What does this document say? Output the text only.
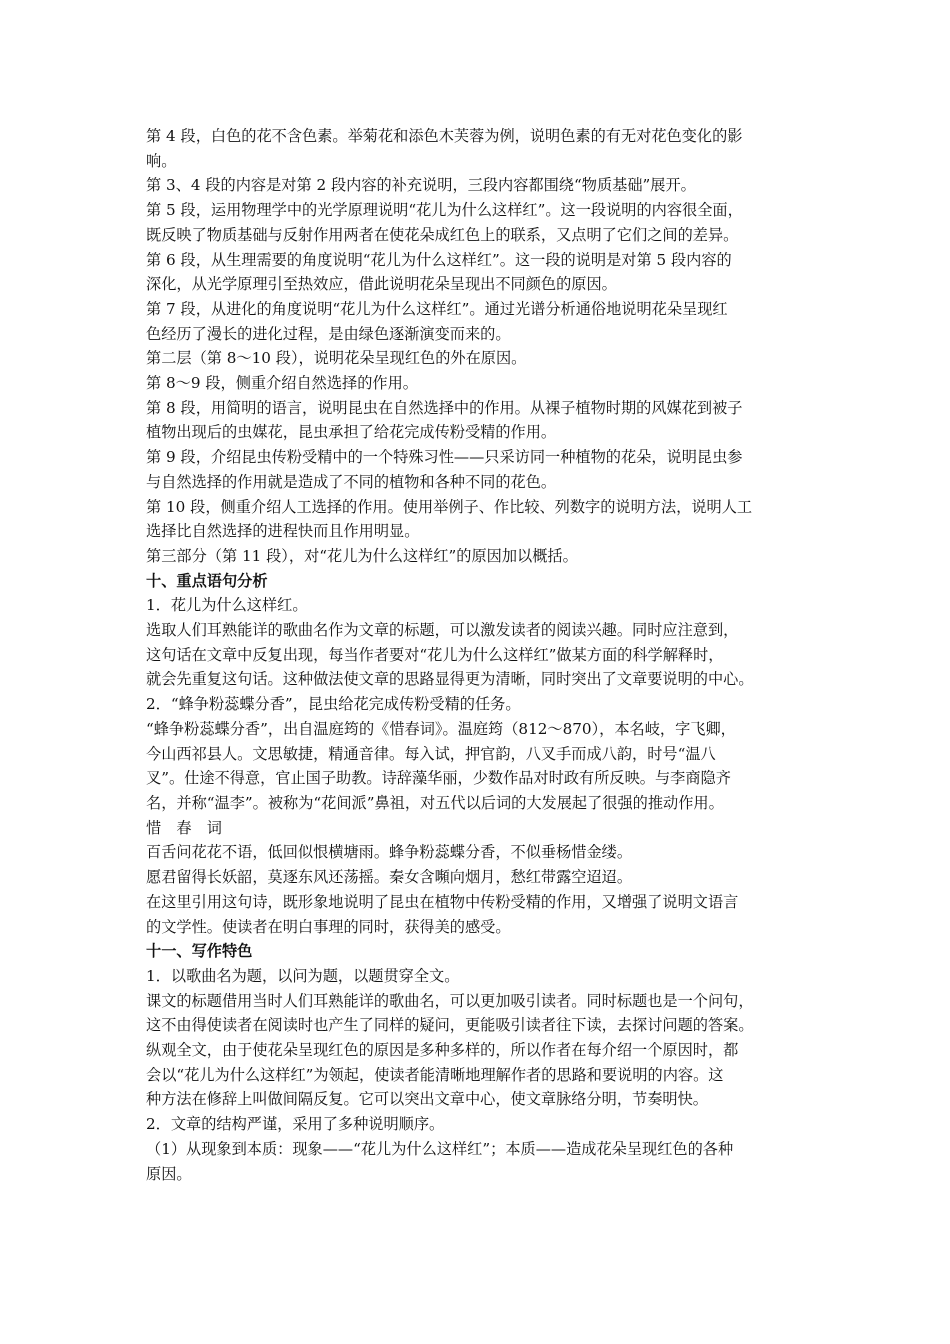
第 4 段，白色的花不含色素。举菊花和添色木芙蓉为例，说明色素的有无对花色变化的影
响。
第 3、4 段的内容是对第 2 段内容的补充说明，三段内容都围绕“物质基础”展开。
第 5 段，运用物理学中的光学原理说明“花儿为什么这样红”。这一段说明的内容很全面，
既反映了物质基础与反射作用两者在使花朵成红色上的联系，又点明了它们之间的差异。
第 6 段，从生理需要的角度说明“花儿为什么这样红”。这一段的说明是对第 5 段内容的
深化，从光学原理引至热效应，借此说明花朵呈现出不同颜色的原因。
第 7 段，从进化的角度说明“花儿为什么这样红”。通过光谱分析通俗地说明花朵呈现红
色经历了漫长的进化过程，是由绿色逐渐演变而来的。
第二层（第 8～10 段），说明花朵呈现红色的外在原因。
第 8～9 段，侧重介绍自然选择的作用。
第 8 段，用简明的语言，说明昆虫在自然选择中的作用。从裸子植物时期的风媒花到被子
植物出现后的虫媒花，昆虫承担了给花完成传粉受精的作用。
第 9 段，介绍昆虫传粉受精中的一个特殊习性——只采访同一种植物的花朵，说明昆虫参
与自然选择的作用就是造成了不同的植物和各种不同的花色。
第 10 段，侧重介绍人工选择的作用。使用举例子、作比较、列数字的说明方法，说明人工
选择比自然选择的进程快而且作用明显。
第三部分（第 11 段），对“花儿为什么这样红”的原因加以概括。
十、重点语句分析
1．花儿为什么这样红。
选取人们耳熟能详的歌曲名作为文章的标题，可以激发读者的阅读兴趣。同时应注意到，
这句话在文章中反复出现，每当作者要对“花儿为什么这样红”做某方面的科学解释时，
就会先重复这句话。这种做法使文章的思路显得更为清晰，同时突出了文章要说明的中心。
2．“蜂争粉蕊蝶分香”，昆虫给花完成传粉受精的任务。
“蜂争粉蕊蝶分香”，出自温庭筠的《惜春词》。温庭筠（812～870），本名岐，字飞卿，
今山西祁县人。文思敏捷，精通音律。每入试，押官韵，八叉手而成八韵，时号“温八
叉”。仕途不得意，官止国子助教。诗辞藻华丽，少数作品对时政有所反映。与李商隐齐
名，并称“温李”。被称为“花间派”鼻祖，对五代以后词的大发展起了很强的推动作用。
惜　春　词
百舌问花花不语，低回似恨横塘雨。蜂争粉蕊蝶分香，不似垂杨惜金缕。
愿君留得长妖韶，莫逐东风还荡摇。秦女含嚬向烟月，愁红带露空迢迢。
在这里引用这句诗，既形象地说明了昆虫在植物中传粉受精的作用，又增强了说明文语言
的文学性。使读者在明白事理的同时，获得美的感受。
十一、写作特色
1．以歌曲名为题，以问为题，以题贯穿全文。
课文的标题借用当时人们耳熟能详的歌曲名，可以更加吸引读者。同时标题也是一个问句，
这不由得使读者在阅读时也产生了同样的疑问，更能吸引读者往下读，去探讨问题的答案。
纵观全文，由于使花朵呈现红色的原因是多种多样的，所以作者在每介绍一个原因时，都
会以“花儿为什么这样红”为领起，使读者能清晰地理解作者的思路和要说明的内容。这
种方法在修辞上叫做间隔反复。它可以突出文章中心，使文章脉络分明，节奏明快。
2．文章的结构严谨，采用了多种说明顺序。
（1）从现象到本质：现象——“花儿为什么这样红”；本质——造成花朵呈现红色的各种
原因。
